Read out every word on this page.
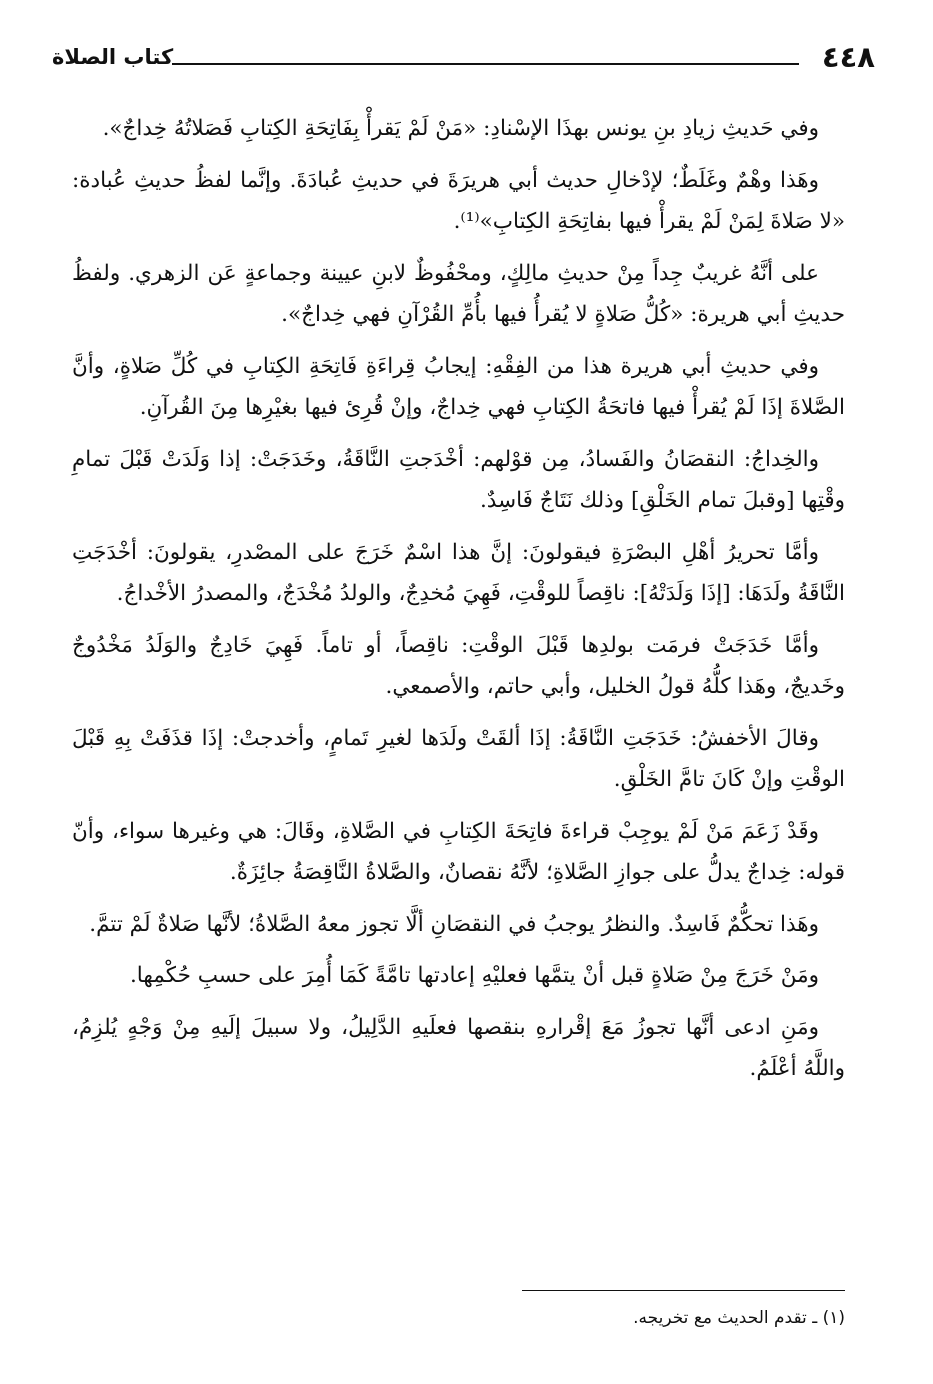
٤٤٨
كتاب الصلاة

وفي حَديثِ زيادِ بنِ يونس بهذَا الإسْنادِ: «مَنْ لَمْ يَقرأْ بِفَاتِحَةِ الكِتابِ فَصَلاتُهُ خِداجٌ».

وهَذا وهْمٌ وغَلَطٌ؛ لإدْخالِ حديث أبي هريرَةَ في حديثِ عُبادَةَ. وإنَّما لفظُ حديثِ عُبادة: «لا صَلاةَ لِمَنْ لَمْ يقرأْ فيها بفاتِحَةِ الكِتابِ»⁽¹⁾.

على أنَّهُ غريبٌ جِداً مِنْ حديثِ مالِكٍ، ومحْفُوظٌ لابنِ عيينة وجماعةٍ عَن الزهري. ولفظُ حديثِ أبي هريرة: «كُلُّ صَلاةٍ لا يُقرأُ فيها بأُمِّ القُرْآنِ فهي خِداجٌ».

وفي حديثِ أبي هريرة هذا من الفِقْهِ: إيجابُ قِراءَةِ فَاتِحَةِ الكِتابِ في كُلِّ صَلاةٍ، وأنَّ الصَّلاةَ إذَا لَمْ يُقرأْ فيها فاتحَةُ الكِتابِ فهي خِداجٌ، وإنْ قُرِئ فيها بغيْرِها مِنَ القُرآنِ.

والخِداجُ: النقصَانُ والفَسادُ، مِن قوْلهم: أخْدَجتِ النَّاقَةُ، وخَدَجَتْ: إذا وَلَدَتْ قَبْلَ تمامِ وقْتِها [وقبلَ تمام الخَلْقِ] وذلك نَتَاجٌ فَاسِدٌ.

وأمَّا تحريرُ أهْلِ البصْرَةِ فيقولونَ: إنَّ هذا اسْمٌ خَرَجَ على المصْدرِ، يقولونَ: أخْدَجَتِ النَّاقَةُ ولَدَهَا: [إذَا وَلَدَتْهُ]: ناقِصاً للوقْتِ، فَهِيَ مُخدِجٌ، والولدُ مُخْدَجٌ، والمصدرُ الأخْداجُ.

وأمَّا خَدَجَتْ فرمَت بولدِها قَبْلَ الوقْتِ: ناقِصاً، أو تاماً. فَهِيَ خَادِجٌ والوَلَدُ مَخْدُوجٌ وخَديجٌ، وهَذا كلُّهُ قولُ الخليل، وأبي حاتم، والأصمعي.

وقالَ الأخفشُ: خَدَجَتِ النَّاقَةُ: إذَا ألقَتْ ولَدَها لغيرِ تَمامٍ، وأخدجتْ: إذَا قذَفَتْ بِهِ قَبْلَ الوقْتِ وإنْ كَانَ تامَّ الخَلْقِ.

وقَدْ زَعَمَ مَنْ لَمْ يوجِبْ قراءةَ فاتِحَةَ الكِتابِ في الصَّلاةِ، وقَالَ: هي وغيرها سواء، وأنّ قوله: خِداجٌ يدلُّ على جوازِ الصَّلاةِ؛ لأنَّهُ نقصانٌ، والصَّلاةُ النَّاقِصَةُ جائِزَةٌ.

وهَذا تحكُّمٌ فَاسِدٌ. والنظرُ يوجبُ في النقصَانِ ألَّا تجوز معهُ الصَّلاةُ؛ لأنَّها صَلاةٌ لَمْ تتمَّ.

ومَنْ خَرَجَ مِنْ صَلاةٍ قبل أنْ يتمَّها فعليْهِ إعادتها تامَّةً كَمَا أُمِرَ على حسبِ حُكْمِها.

ومَنِ ادعى أنَّها تجوزُ مَعَ إقْرارهِ بنقصها فعلَيهِ الدَّلِيلُ، ولا سبيلَ إلَيهِ مِنْ وَجْهٍ يُلزِمُ، واللَّهُ أعْلَمُ.

(١) ـ تقدم الحديث مع تخريجه.
